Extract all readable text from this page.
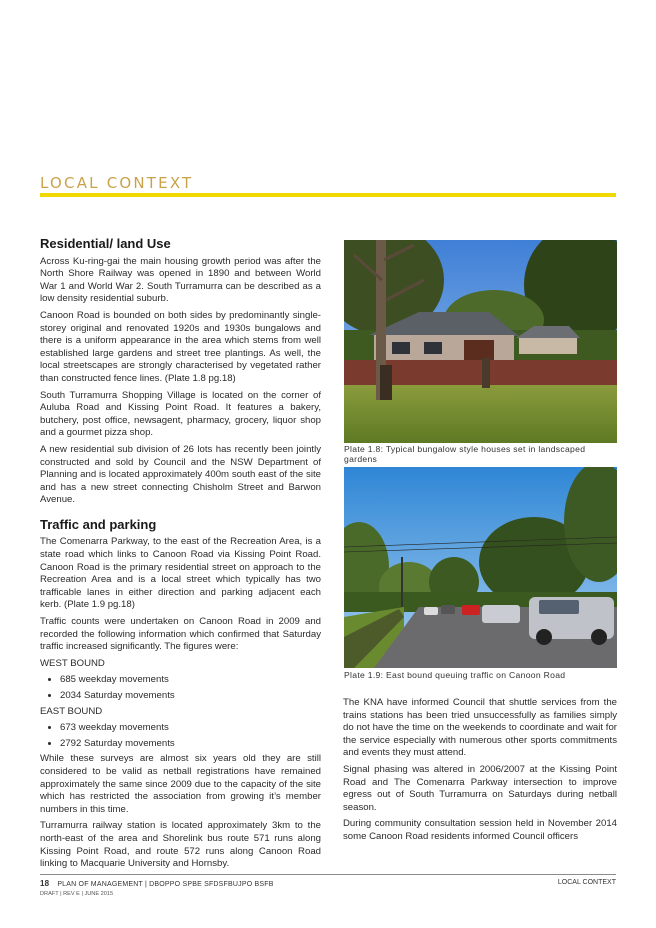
LOCAL CONTEXT
Residential/ land Use

Across Ku-ring-gai the main housing growth period was after the North Shore Railway was opened in 1890 and between World War 1 and World War 2. South Turramurra can be described as a low density residential suburb.

Canoon Road is bounded on both sides by predominantly single-storey original and renovated 1920s and 1930s bungalows and there is a uniform appearance in the area which stems from well established large gardens and street tree plantings. As well, the local streetscapes are strongly characterised by vegetated rather than constructed fence lines. (Plate 1.8 pg.18)

South Turramurra Shopping Village is located on the corner of Auluba Road and Kissing Point Road. It features a bakery, butchery, post office, newsagent, pharmacy, grocery, liquor shop and a gourmet pizza shop.

A new residential sub division of 26 lots has recently been jointly constructed and sold by Council and the NSW Department of Planning and is located approximately 400m south east of the site and has a new street connecting Chisholm Street and Barwon Avenue.

Traffic and parking

The Comenarra Parkway, to the east of the Recreation Area, is a state road which links to Canoon Road via Kissing Point Road. Canoon Road is the primary residential street on approach to the Recreation Area and is a local street which typically has two trafficable lanes in either direction and parking adjacent each kerb. (Plate 1.9 pg.18)

Traffic counts were undertaken on Canoon Road in 2009 and recorded the following information which confirmed that Saturday traffic increased significantly. The figures were:

WEST BOUND

• 685 weekday movements
• 2034 Saturday movements

EAST BOUND

• 673 weekday movements
• 2792 Saturday movements

While these surveys are almost six years old they are still considered to be valid as netball registrations have remained approximately the same since 2009 due to the capacity of the site which has restricted the association from growing it’s member numbers in this time.

Turramurra railway station is located approximately 3km to the north-east of the area and Shorelink bus route 571 runs along Kissing Point Road, and route 572 runs along Canoon Road linking to Macquarie University and Hornsby.

Plate 1.8: Typical bungalow style houses set in landscaped gardens
Plate 1.9: East bound queuing traffic on Canoon Road

The KNA have informed Council that shuttle services from the trains stations has been tried unsuccessfully as families simply do not have the time on the weekends to coordinate and wait for the service especially with numerous other sports commitments and events they must attend.

Signal phasing was altered in 2006/2007 at the Kissing Point Road and The Comenarra Parkway intersection to improve egress out of South Turramurra on Saturdays during netball season.

During community consultation session held in November 2014 some Canoon Road residents informed Council officers

18 PLAN OF MANAGEMENT | DBOPPO SPBE SFDSFBUJPO BSFB
DRAFT | REV E | JUNE 2015
LOCAL CONTEXT
